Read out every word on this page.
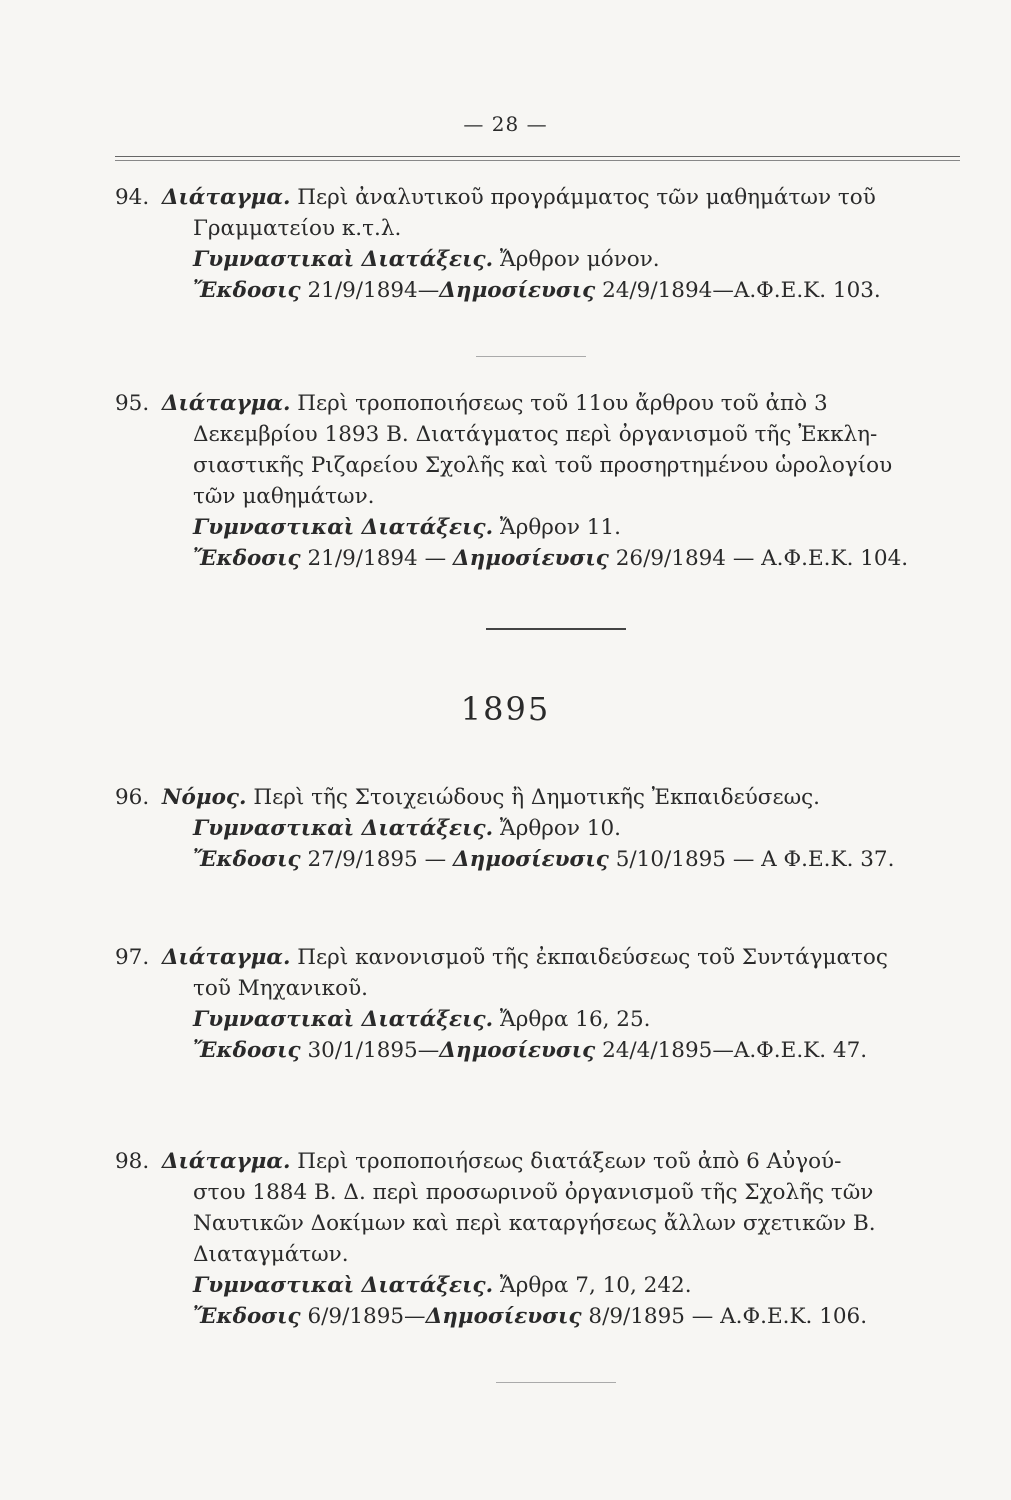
— 28 —
94. Διάταγμα. Περὶ ἀναλυτικοῦ προγράμματος τῶν μαθημάτων τοῦ
Γραμματείου κ.τ.λ.
Γυμναστικαὶ Διατάξεις. Ἄρθρον μόνον.
Ἔκδοσις 21/9/1894—Δημοσίευσις 24/9/1894—Α.Φ.Ε.Κ. 103.
95. Διάταγμα. Περὶ τροποποιήσεως τοῦ 11ου ἄρθρου τοῦ ἀπὸ 3
Δεκεμβρίου 1893 Β. Διατάγματος περὶ ὀργανισμοῦ τῆς Ἐκκλη-
σιαστικῆς Ριζαρείου Σχολῆς καὶ τοῦ προσηρτημένου ὡρολογίου
τῶν μαθημάτων.
Γυμναστικαὶ Διατάξεις. Ἄρθρον 11.
Ἔκδοσις 21/9/1894 — Δημοσίευσις 26/9/1894 — Α.Φ.Ε.Κ. 104.
1895
96. Νόμος. Περὶ τῆς Στοιχειώδους ἢ Δημοτικῆς Ἐκπαιδεύσεως.
Γυμναστικαὶ Διατάξεις. Ἄρθρον 10.
Ἔκδοσις 27/9/1895 — Δημοσίευσις 5/10/1895 — Α Φ.Ε.Κ. 37.
97. Διάταγμα. Περὶ κανονισμοῦ τῆς ἐκπαιδεύσεως τοῦ Συντάγματος
τοῦ Μηχανικοῦ.
Γυμναστικαὶ Διατάξεις. Ἄρθρα 16, 25.
Ἔκδοσις 30/1/1895—Δημοσίευσις 24/4/1895—Α.Φ.Ε.Κ. 47.
98. Διάταγμα. Περὶ τροποποιήσεως διατάξεων τοῦ ἀπὸ 6 Αὐγού-
στου 1884 Β. Δ. περὶ προσωρινοῦ ὀργανισμοῦ τῆς Σχολῆς τῶν
Ναυτικῶν Δοκίμων καὶ περὶ καταργήσεως ἄλλων σχετικῶν Β.
Διαταγμάτων.
Γυμναστικαὶ Διατάξεις. Ἄρθρα 7, 10, 242.
Ἔκδοσις 6/9/1895—Δημοσίευσις 8/9/1895 — Α.Φ.Ε.Κ. 106.
